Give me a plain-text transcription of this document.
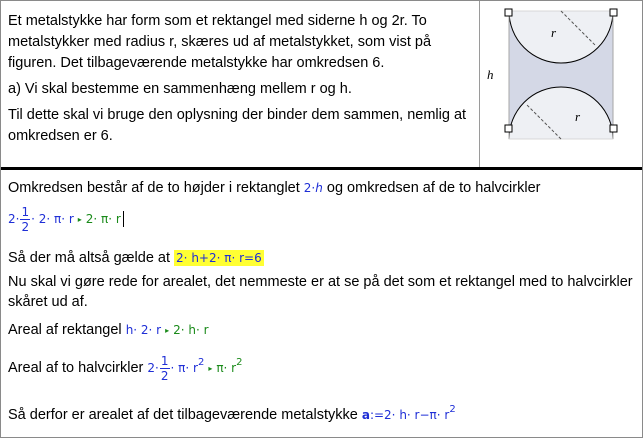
Et metalstykke har form som et rektangel med siderne h og 2r. To metalstykker med radius r, skæres ud af metalstykket, som vist på figuren. Det tilbageværende metalstykke har omkredsen 6.

a) Vi skal bestemme en sammenhæng mellem r og h.

Til dette skal vi bruge den oplysning der binder dem sammen, nemlig at omkredsen er 6.

r
r
h
Omkredsen består af de to højder i rektanglet 2·h og omkredsen af de to halvcirkler
$2\cdot \frac{1}{2} \cdot 2\cdot \pi\cdot r$ ▸ 2· π· r
Så der må altså gælde at 2· h+2· π· r=6
Nu skal vi gøre rede for arealet, det nemmeste er at se på det som et rektangel med to halvcirkler skåret ud af.
Areal af rektangel h· 2· r ▸ 2· h· r
Areal af to halvcirkler $2\cdot \frac{1}{2} \cdot \pi\cdot r^2$ ▸ $\pi\cdot r^2$
Så derfor er arealet af det tilbageværende metalstykke a:=2· $h\cdot r-\pi\cdot r^2$
